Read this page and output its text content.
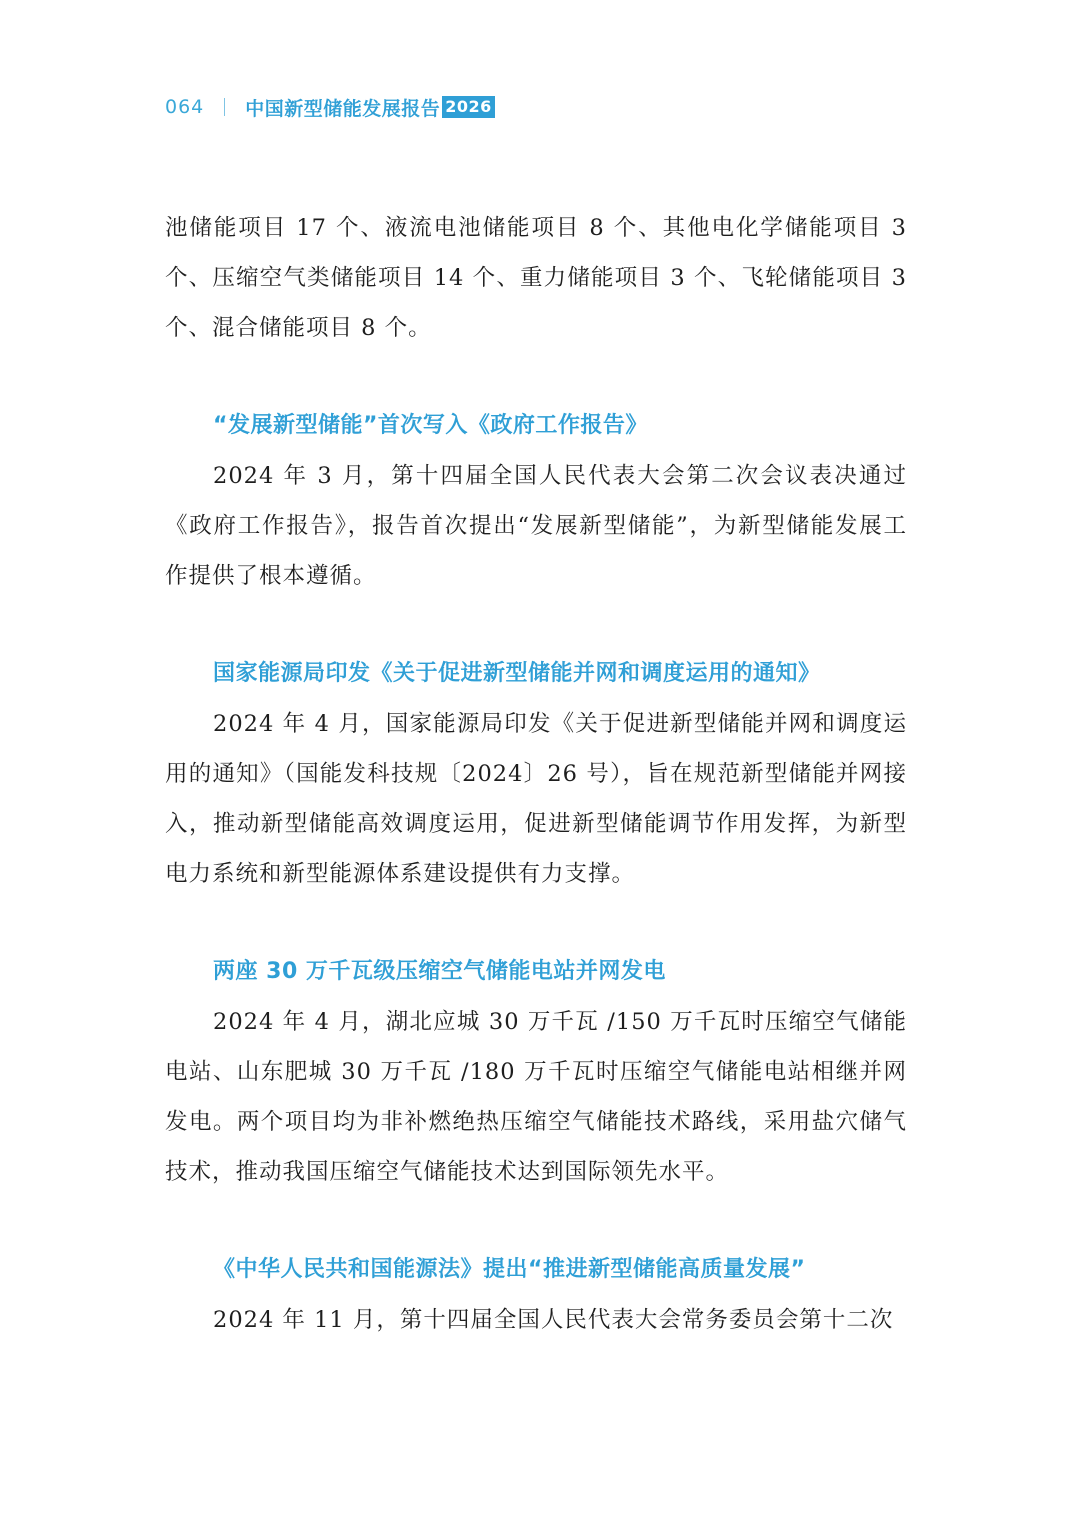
064 中国新型储能发展报告 2026

池储能项目 17 个、液流电池储能项目 8 个、其他电化学储能项目 3 个、压缩空气类储能项目 14 个、重力储能项目 3 个、飞轮储能项目 3 个、混合储能项目 8 个。

“发展新型储能”首次写入《政府工作报告》

2024 年 3 月，第十四届全国人民代表大会第二次会议表决通过《政府工作报告》，报告首次提出“发展新型储能”，为新型储能发展工作提供了根本遵循。

国家能源局印发《关于促进新型储能并网和调度运用的通知》

2024 年 4 月，国家能源局印发《关于促进新型储能并网和调度运用的通知》（国能发科技规〔2024〕26 号），旨在规范新型储能并网接入，推动新型储能高效调度运用，促进新型储能调节作用发挥，为新型电力系统和新型能源体系建设提供有力支撑。

两座 30 万千瓦级压缩空气储能电站并网发电

2024 年 4 月，湖北应城 30 万千瓦 /150 万千瓦时压缩空气储能电站、山东肥城 30 万千瓦 /180 万千瓦时压缩空气储能电站相继并网发电。两个项目均为非补燃绝热压缩空气储能技术路线，采用盐穴储气技术，推动我国压缩空气储能技术达到国际领先水平。

《中华人民共和国能源法》提出“推进新型储能高质量发展”

2024 年 11 月，第十四届全国人民代表大会常务委员会第十二次
